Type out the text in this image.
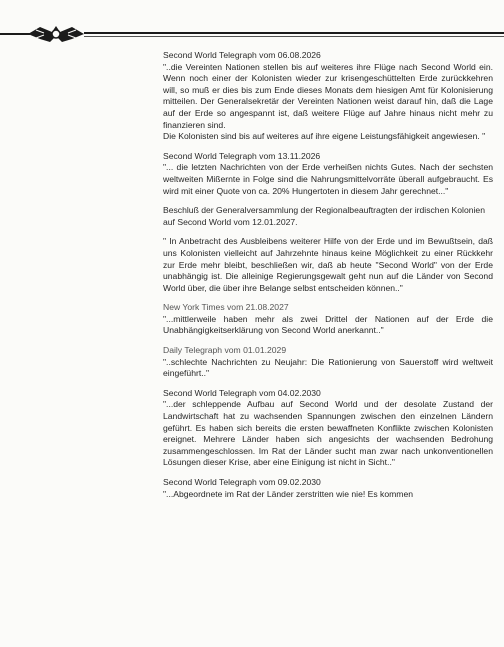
Second World Telegraph vom 06.08.2026
"..die Vereinten Nationen stellen bis auf weiteres ihre Flüge nach Second World ein. Wenn noch einer der Kolonisten wieder zur krisengeschüttelten Erde zurückkehren will, so muß er dies bis zum Ende dieses Monats dem hiesigen Amt für Kolonisierung mitteilen. Der Generalsekretär der Vereinten Nationen weist darauf hin, daß die Lage auf der Erde so angespannt ist, daß weitere Flüge auf Jahre hinaus nicht mehr zu finanzieren sind.
Die Kolonisten sind bis auf weiteres auf ihre eigene Leistungsfähigkeit angewiesen. "
Second World Telegraph vom 13.11.2026
"... die letzten Nachrichten von der Erde verheißen nichts Gutes. Nach der sechsten weltweiten Mißernte in Folge sind die Nahrungsmittelvorräte überall aufgebraucht. Es wird mit einer Quote von ca. 20% Hungertoten in diesem Jahr gerechnet..."
Beschluß der Generalversammlung der Regionalbeauftragten der irdischen Kolonien auf Second World vom 12.01.2027.
" In Anbetracht des Ausbleibens weiterer Hilfe von der Erde und im Bewußtsein, daß uns Kolonisten vielleicht auf Jahrzehnte hinaus keine Möglichkeit zu einer Rückkehr zur Erde mehr bleibt, beschließen wir, daß ab heute "Second World" von der Erde unabhängig ist. Die alleinige Regierungsgewalt geht nun auf die Länder von Second World über, die über ihre Belange selbst entscheiden können.."
New York Times vom 21.08.2027
"...mittlerweile haben mehr als zwei Drittel der Nationen auf der Erde die Unabhängigkeitserklärung von Second World anerkannt.."
Daily Telegraph vom 01.01.2029
"..schlechte Nachrichten zu Neujahr: Die Rationierung von Sauerstoff wird weltweit eingeführt.."
Second World Telegraph vom 04.02.2030
"...der schleppende Aufbau auf Second World und der desolate Zustand der Landwirtschaft hat zu wachsenden Spannungen zwischen den einzelnen Ländern geführt. Es haben sich bereits die ersten bewaffneten Konflikte zwischen Kolonisten ereignet. Mehrere Länder haben sich angesichts der wachsenden Bedrohung zusammengeschlossen. Im Rat der Länder sucht man zwar nach unkonventionellen Lösungen dieser Krise, aber eine Einigung ist nicht in Sicht.."
Second World Telegraph vom 09.02.2030
"...Abgeordnete im Rat der Länder zerstritten wie nie! Es kommen
